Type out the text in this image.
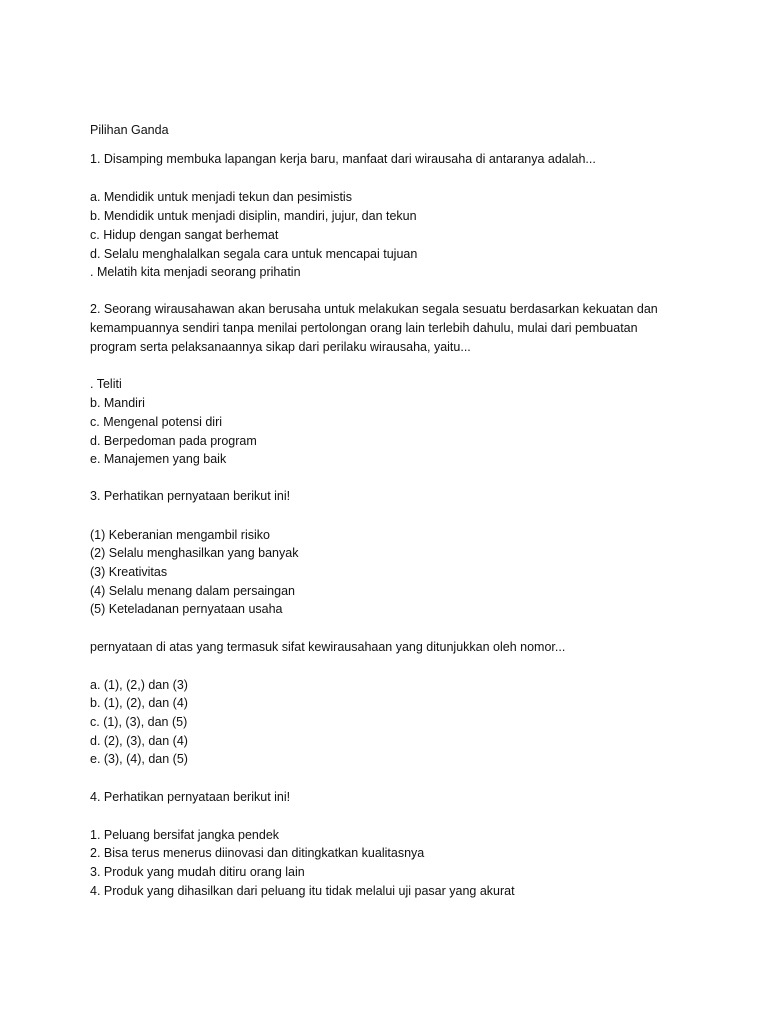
Pilihan Ganda

1. Disamping membuka lapangan kerja baru, manfaat dari wirausaha di antaranya adalah...

a. Mendidik untuk menjadi tekun dan pesimistis

b. Mendidik untuk menjadi disiplin, mandiri, jujur, dan tekun

c. Hidup dengan sangat berhemat

d. Selalu menghalalkan segala cara untuk mencapai tujuan

. Melatih kita menjadi seorang prihatin

2. Seorang wirausahawan akan berusaha untuk melakukan segala sesuatu berdasarkan kekuatan dan

kemampuannya sendiri tanpa menilai pertolongan orang lain terlebih dahulu, mulai dari pembuatan

program serta pelaksanaannya sikap dari perilaku wirausaha, yaitu...

. Teliti

b. Mandiri

c. Mengenal potensi diri

d. Berpedoman pada program

e. Manajemen yang baik

3. Perhatikan pernyataan berikut ini!

(1) Keberanian mengambil risiko

(2) Selalu menghasilkan yang banyak

(3) Kreativitas

(4) Selalu menang dalam persaingan

(5) Keteladanan pernyataan usaha

pernyataan di atas yang termasuk sifat kewirausahaan yang ditunjukkan oleh nomor...

a. (1), (2,) dan (3)

b. (1), (2), dan (4)

c. (1), (3), dan (5)

d. (2), (3), dan (4)

e. (3), (4), dan (5)

4. Perhatikan pernyataan berikut ini!

1. Peluang bersifat jangka pendek

2. Bisa terus menerus diinovasi dan ditingkatkan kualitasnya

3. Produk yang mudah ditiru orang lain

4. Produk yang dihasilkan dari peluang itu tidak melalui uji pasar yang akurat
